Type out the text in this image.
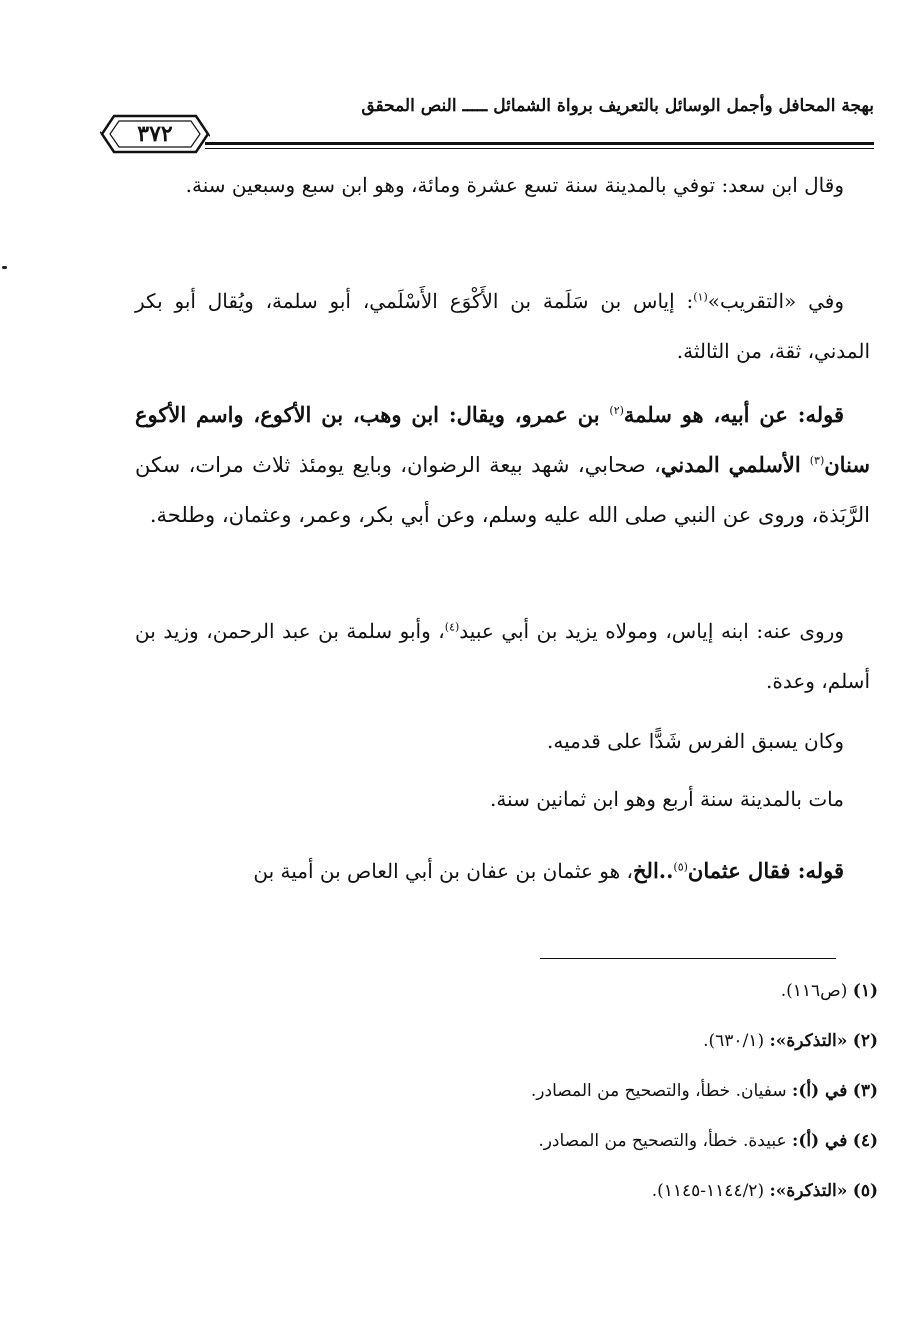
بهجة المحافل وأجمل الوسائل بالتعريف برواة الشمائل ـــــ النص المحقق
٣٧٢
وقال ابن سعد: توفي بالمدينة سنة تسع عشرة ومائة، وهو ابن سبع وسبعين سنة.
وفي «التقريب»$^{(١)}$: إياس بن سَلَمة بن الأَكْوَع الأَسْلَمي، أبو سلمة، ويُقال أبو بكر المدني، ثقة، من الثالثة.
قوله: عن أبيه، هو سلمة$^{(٢)}$ بن عمرو، ويقال: ابن وهب، بن الأكوع، واسم الأكوع سنان$^{(٣)}$ الأسلمي المدني، صحابي، شهد بيعة الرضوان، وبايع يومئذ ثلاث مرات، سكن الرَّبَذة، وروى عن النبي صلى الله عليه وسلم، وعن أبي بكر، وعمر، وعثمان، وطلحة.
وروى عنه: ابنه إياس، ومولاه يزيد بن أبي عبيد$^{(٤)}$، وأبو سلمة بن عبد الرحمن، وزيد بن أسلم، وعدة.
وكان يسبق الفرس شَدًّا على قدميه.
مات بالمدينة سنة أربع وهو ابن ثمانين سنة.
قوله: فقال عثمان$^{(٥)}$..الخ، هو عثمان بن عفان بن أبي العاص بن أمية بن
(١) (ص١١٦).
(٢) «التذكرة»: (٦٣٠/١).
(٣) في (أ): سفيان. خطأ، والتصحيح من المصادر.
(٤) في (أ): عبيدة. خطأ، والتصحيح من المصادر.
(٥) «التذكرة»: (١١٤٤/٢-١١٤٥).
